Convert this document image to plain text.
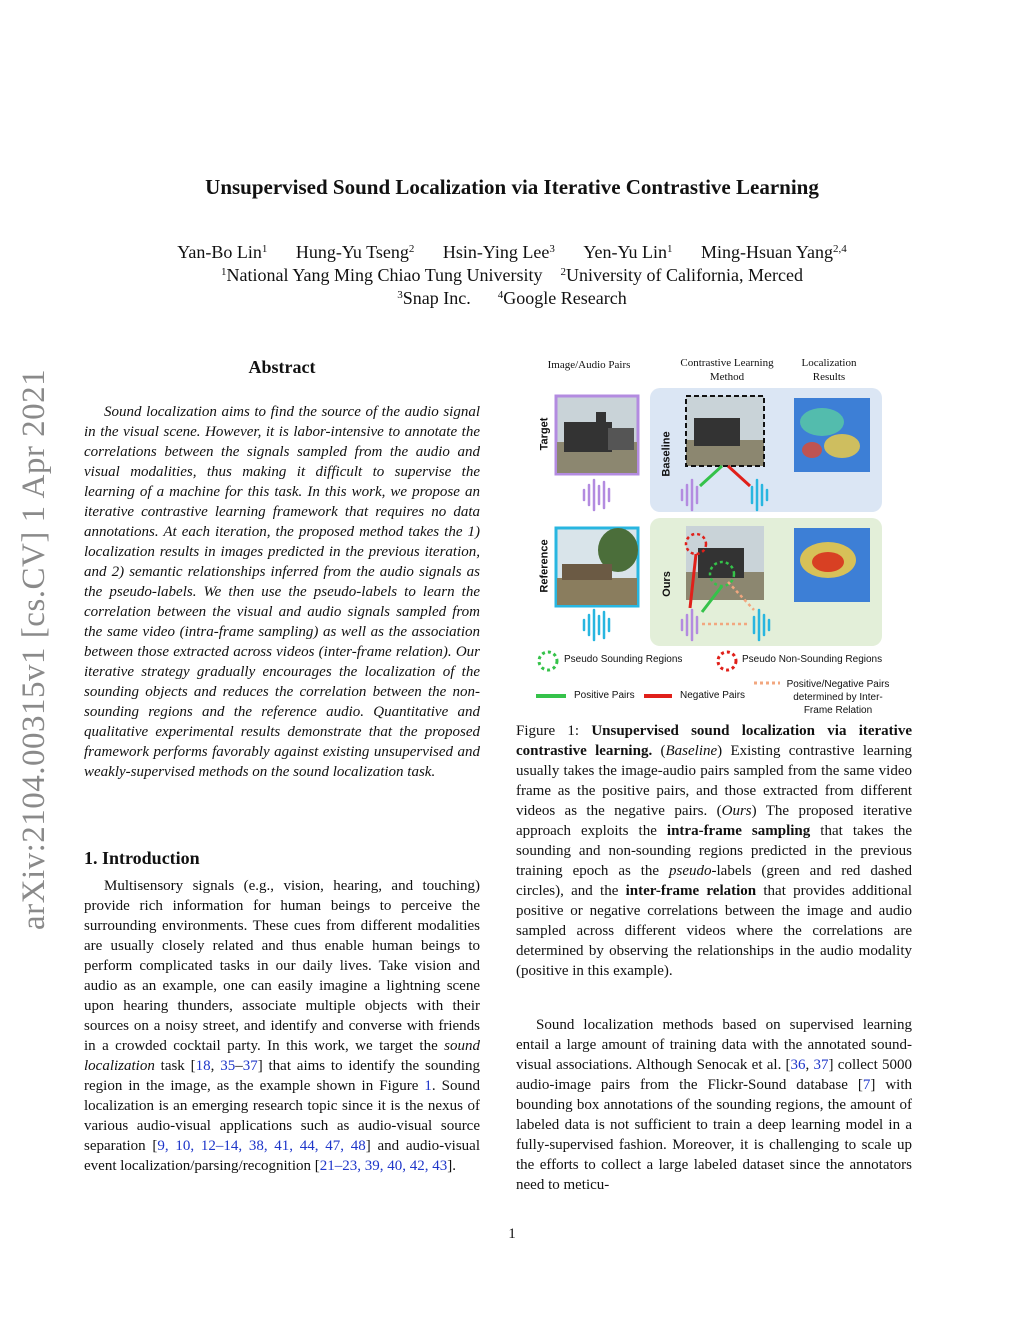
Unsupervised Sound Localization via Iterative Contrastive Learning
Yan-Bo Lin$^1$ Hung-Yu Tseng$^2$ Hsin-Ying Lee$^3$ Yen-Yu Lin$^1$ Ming-Hsuan Yang$^{2,4}$
$^1$National Yang Ming Chiao Tung University $^2$University of California, Merced
$^3$Snap Inc. $^4$Google Research
arXiv:2104.00315v1 [cs.CV] 1 Apr 2021
Abstract
Sound localization aims to find the source of the audio signal in the visual scene. However, it is labor-intensive to annotate the correlations between the signals sampled from the audio and visual modalities, thus making it difficult to supervise the learning of a machine for this task. In this work, we propose an iterative contrastive learning framework that requires no data annotations. At each iteration, the proposed method takes the 1) localization results in images predicted in the previous iteration, and 2) semantic relationships inferred from the audio signals as the pseudo-labels. We then use the pseudo-labels to learn the correlation between the visual and audio signals sampled from the same video (intra-frame sampling) as well as the association between those extracted across videos (inter-frame relation). Our iterative strategy gradually encourages the localization of the sounding objects and reduces the correlation between the non-sounding regions and the reference audio. Quantitative and qualitative experimental results demonstrate that the proposed framework performs favorably against existing unsupervised and weakly-supervised methods on the sound localization task.
1. Introduction
Multisensory signals (e.g., vision, hearing, and touching) provide rich information for human beings to perceive the surrounding environments. These cues from different modalities are usually closely related and thus enable human beings to perform complicated tasks in our daily lives. Take vision and audio as an example, one can easily imagine a lightning scene upon hearing thunders, associate multiple objects with their sources on a noisy street, and identify and converse with friends in a crowded cocktail party. In this work, we target the sound localization task [18, 35–37] that aims to identify the sounding region in the image, as the example shown in Figure 1. Sound localization is an emerging research topic since it is the nexus of various audio-visual applications such as audio-visual source separation [9, 10, 12–14, 38, 41, 44, 47, 48] and audio-visual event localization/parsing/recognition [21–23, 39, 40, 42, 43].
Image/Audio Pairs	Contrastive Learning Method
Localization Results
Target
Reference
Baseline
Ours
Pseudo Sounding Regions	Pseudo Non-Sounding Regions
Positive Pairs	Negative Pairs
Positive/Negative Pairs determined by Inter-Frame Relation
Figure 1: Unsupervised sound localization via iterative contrastive learning. (Baseline) Existing contrastive learning usually takes the image-audio pairs sampled from the same video frame as the positive pairs, and those extracted from different videos as the negative pairs. (Ours) The proposed iterative approach exploits the intra-frame sampling that takes the sounding and non-sounding regions predicted in the previous training epoch as the pseudo-labels (green and red dashed circles), and the inter-frame relation that provides additional positive or negative correlations between the image and audio sampled across different videos where the correlations are determined by observing the relationships in the audio modality (positive in this example).
Sound localization methods based on supervised learning entail a large amount of training data with the annotated sound-visual associations. Although Senocak et al. [36, 37] collect 5000 audio-image pairs from the Flickr-Sound database [7] with bounding box annotations of the sounding regions, the amount of labeled data is not sufficient to train a deep learning model in a fully-supervised fashion. Moreover, it is challenging to scale up the efforts to collect a large labeled dataset since the annotators need to meticu-
1
